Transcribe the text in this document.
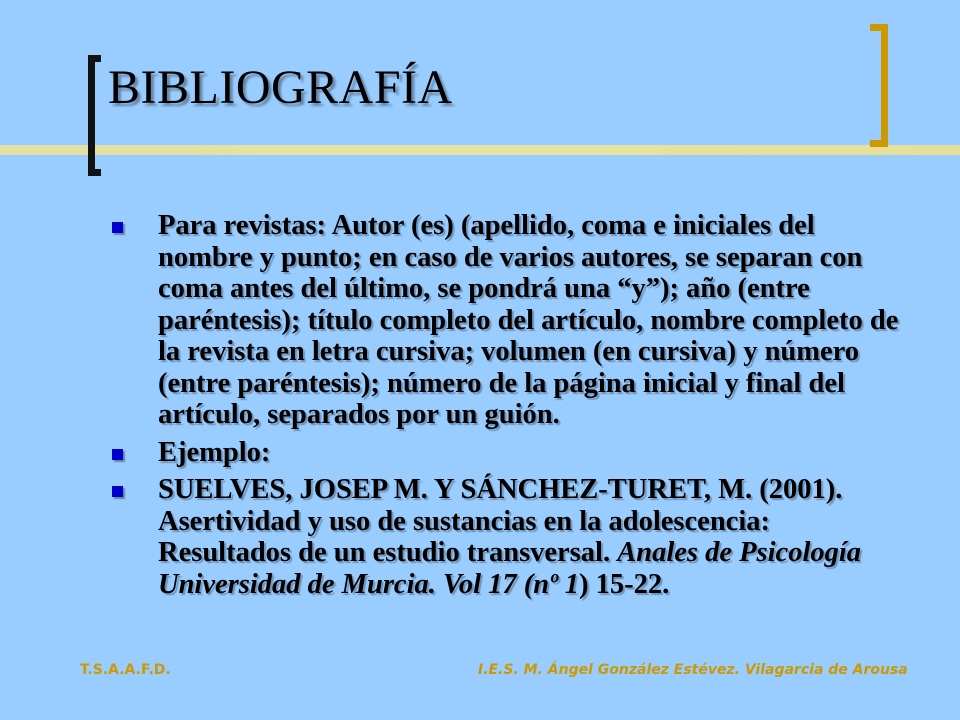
BIBLIOGRAFÍA
Para revistas: Autor (es) (apellido, coma e iniciales del nombre y punto; en caso de varios autores, se separan con coma antes del último, se pondrá una “y”); año (entre paréntesis); título completo del artículo, nombre completo de la revista en letra cursiva; volumen (en cursiva) y número (entre paréntesis); número de la página inicial y final del artículo, separados por un guión.
Ejemplo:
SUELVES, JOSEP M. Y SÁNCHEZ-TURET, M. (2001). Asertividad y uso de sustancias en la adolescencia: Resultados de un estudio transversal. Anales de Psicología Universidad de Murcia. Vol 17 (nº 1) 15-22.
T.S.A.A.F.D.	I.E.S. M. Ángel González Estévez. Vilagarcia de Arousa
